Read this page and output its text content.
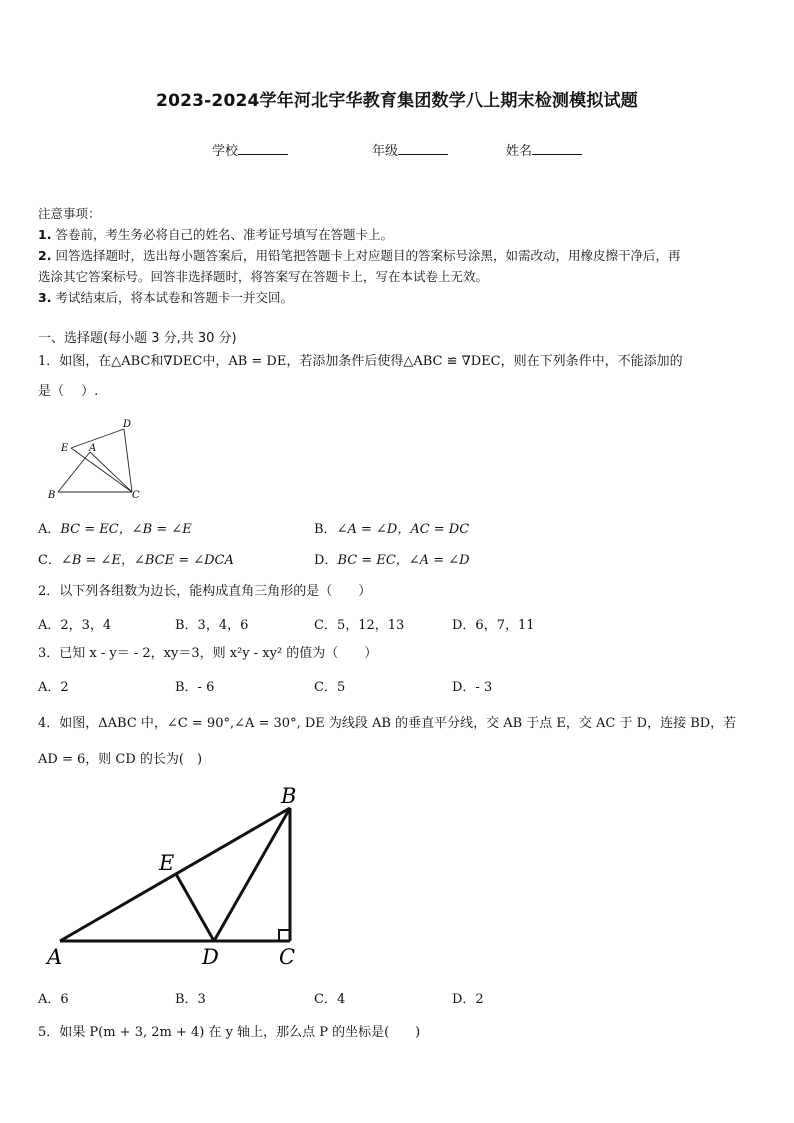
2023-2024学年河北宇华教育集团数学八上期末检测模拟试题
学校	年级	姓名
注意事项：
1. 答卷前，考生务必将自己的姓名、准考证号填写在答题卡上。
2. 回答选择题时，选出每小题答案后，用铅笔把答题卡上对应题目的答案标号涂黑，如需改动，用橡皮擦干净后，再
选涂其它答案标号。回答非选择题时，将答案写在答题卡上，写在本试卷上无效。
3. 考试结束后，将本试卷和答题卡一并交回。
一、选择题(每小题 3 分,共 30 分)
1．如图，在△ABC和∇DEC中，AB = DE，若添加条件后使得△ABC ≌ ∇DEC，则在下列条件中，不能添加的
是（　 ）.
D
E A
B	C
A．BC = EC，∠B = ∠E	B．∠A = ∠D，AC = DC
C．∠B = ∠E，∠BCE = ∠DCA	D．BC = EC，∠A = ∠D
2．以下列各组数为边长，能构成直角三角形的是（　　）
A．2，3，4	B．3，4，6	C．5，12，13	D．6，7，11
3．已知 x - y＝ - 2，xy＝3，则 x²y - xy² 的值为（　　）
A．2	B．- 6	C．5	D．- 3
4．如图，ΔABC 中，∠C = 90°,∠A = 30°, DE 为线段 AB 的垂直平分线，交 AB 于点 E，交 AC 于 D，连接 BD，若
AD = 6，则 CD 的长为(　)
B
E
A	D	C
A．6	B．3	C．4	D．2
5．如果 P(m + 3, 2m + 4) 在 y 轴上，那么点 P 的坐标是(　　)
